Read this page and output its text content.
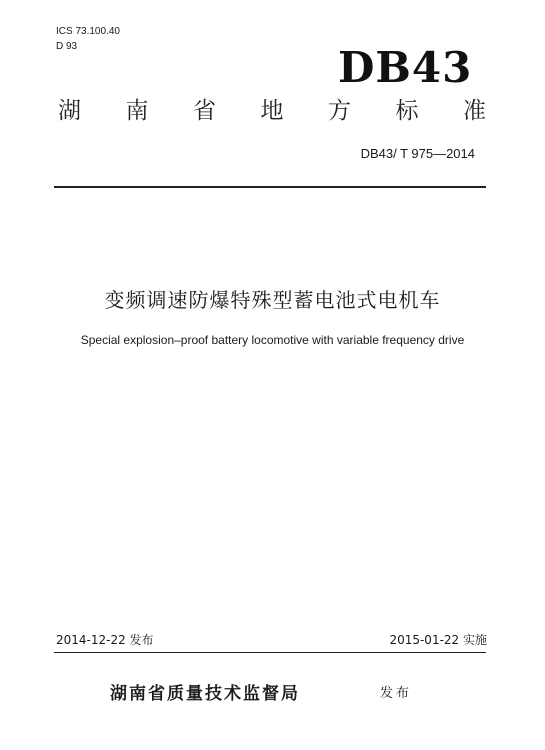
ICS 73.100.40
D 93	DB43
湖 南 省 地 方 标 准
DB43/ T 975—2014
变频调速防爆特殊型蓄电池式电机车
Special explosion–proof battery locomotive with variable frequency drive
2014-12-22 发布	2015-01-22 实施
湖南省质量技术监督局	发布
